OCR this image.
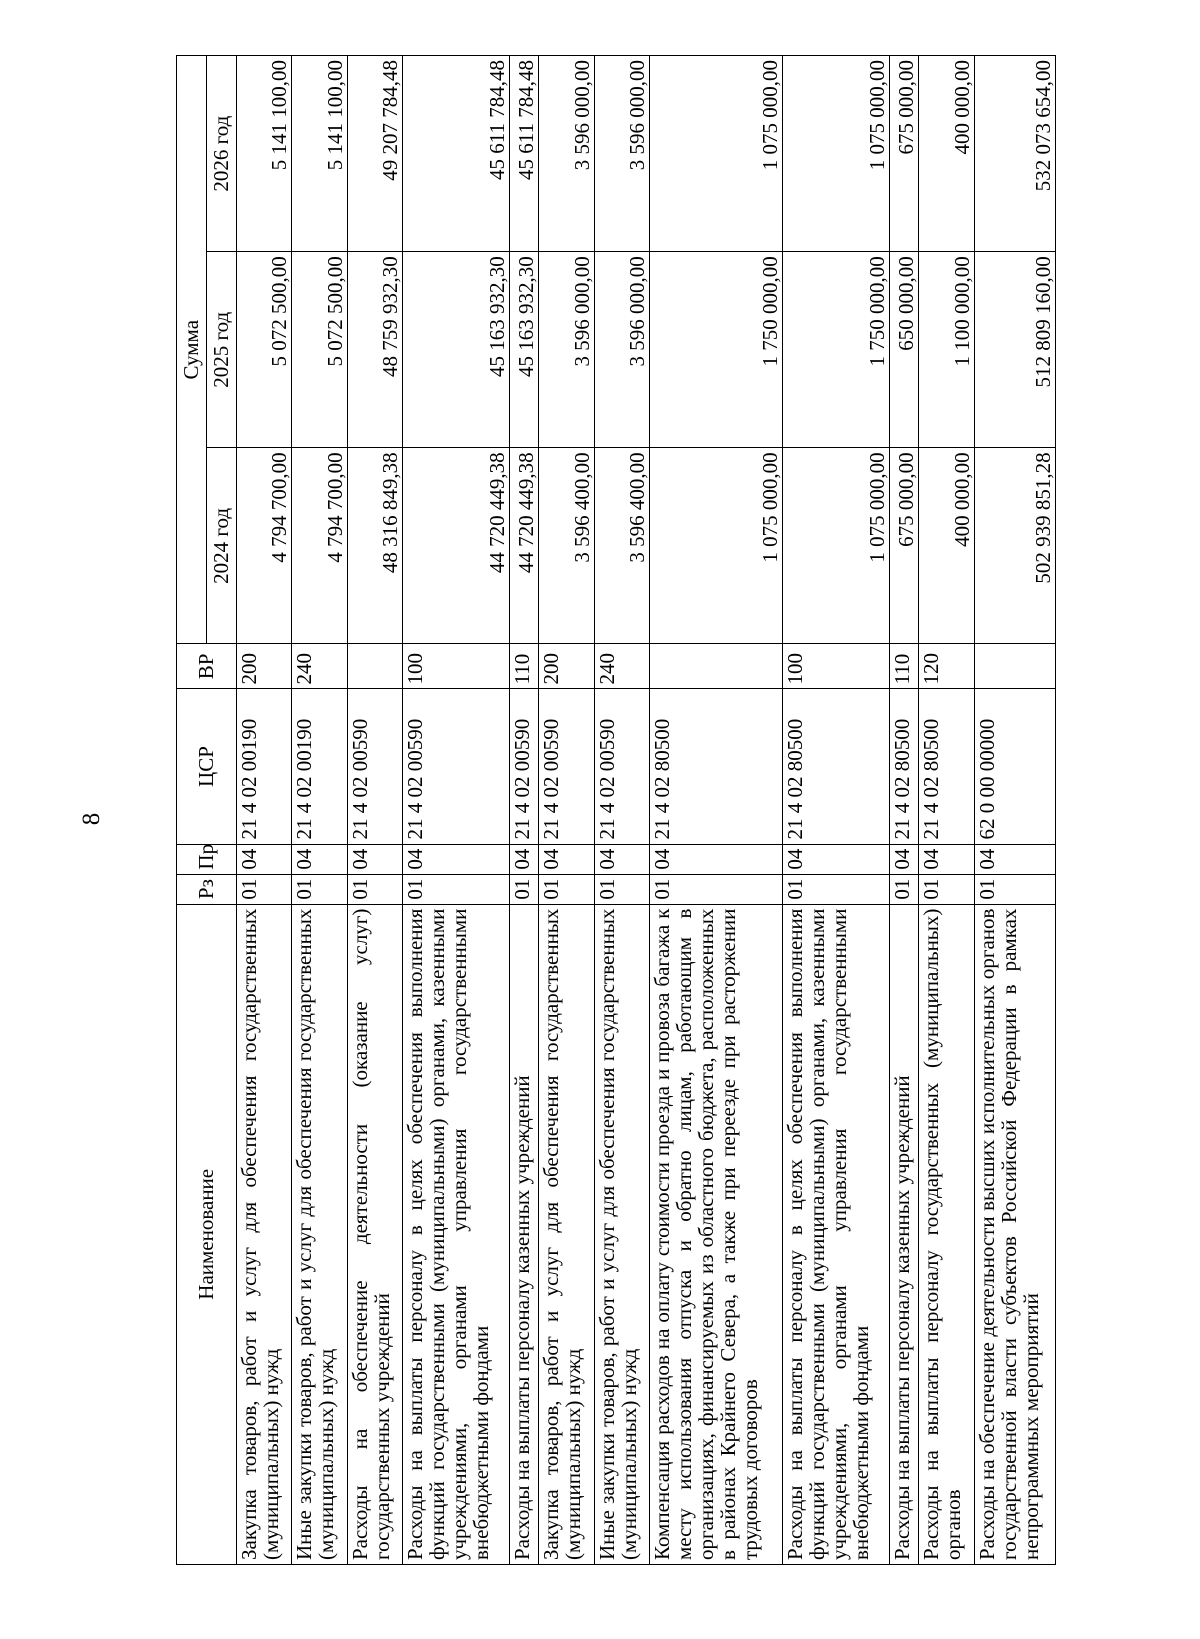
8
Наименование	Рз	Пр	ЦСР	ВР	Сумма		
					2024 год	2025 год	2026 год
Закупка товаров, работ и услуг для обеспечения государственных (муниципальных) нужд	01	04	21 4 02 00190	200	4 794 700,00	5 072 500,00	5 141 100,00
Иные закупки товаров, работ и услуг для обеспечения государственных (муниципальных) нужд	01	04	21 4 02 00190	240	4 794 700,00	5 072 500,00	5 141 100,00
Расходы на обеспечение деятельности (оказание услуг) государственных учреждений	01	04	21 4 02 00590		48 316 849,38	48 759 932,30	49 207 784,48
Расходы на выплаты персоналу в целях обеспечения выполнения функций государственными (муниципальными) органами, казенными учреждениями, органами управления государственными внебюджетными фондами	01	04	21 4 02 00590	100	44 720 449,38	45 163 932,30	45 611 784,48
Расходы на выплаты персоналу казенных учреждений	01	04	21 4 02 00590	110	44 720 449,38	45 163 932,30	45 611 784,48
Закупка товаров, работ и услуг для обеспечения государственных (муниципальных) нужд	01	04	21 4 02 00590	200	3 596 400,00	3 596 000,00	3 596 000,00
Иные закупки товаров, работ и услуг для обеспечения государственных (муниципальных) нужд	01	04	21 4 02 00590	240	3 596 400,00	3 596 000,00	3 596 000,00
Компенсация расходов на оплату стоимости проезда и провоза багажа к месту использования отпуска и обратно лицам, работающим в организациях, финансируемых из областного бюджета, расположенных в районах Крайнего Севера, а также при переезде при расторжении трудовых договоров	01	04	21 4 02 80500		1 075 000,00	1 750 000,00	1 075 000,00
Расходы на выплаты персоналу в целях обеспечения выполнения функций государственными (муниципальными) органами, казенными учреждениями, органами управления государственными внебюджетными фондами	01	04	21 4 02 80500	100	1 075 000,00	1 750 000,00	1 075 000,00
Расходы на выплаты персоналу казенных учреждений	01	04	21 4 02 80500	110	675 000,00	650 000,00	675 000,00
Расходы на выплаты персоналу государственных (муниципальных) органов	01	04	21 4 02 80500	120	400 000,00	1 100 000,00	400 000,00
Расходы на обеспечение деятельности высших исполнительных органов государственной власти субъектов Российской Федерации в рамках непрограммных мероприятий	01	04	62 0 00 00000		502 939 851,28	512 809 160,00	532 073 654,00
